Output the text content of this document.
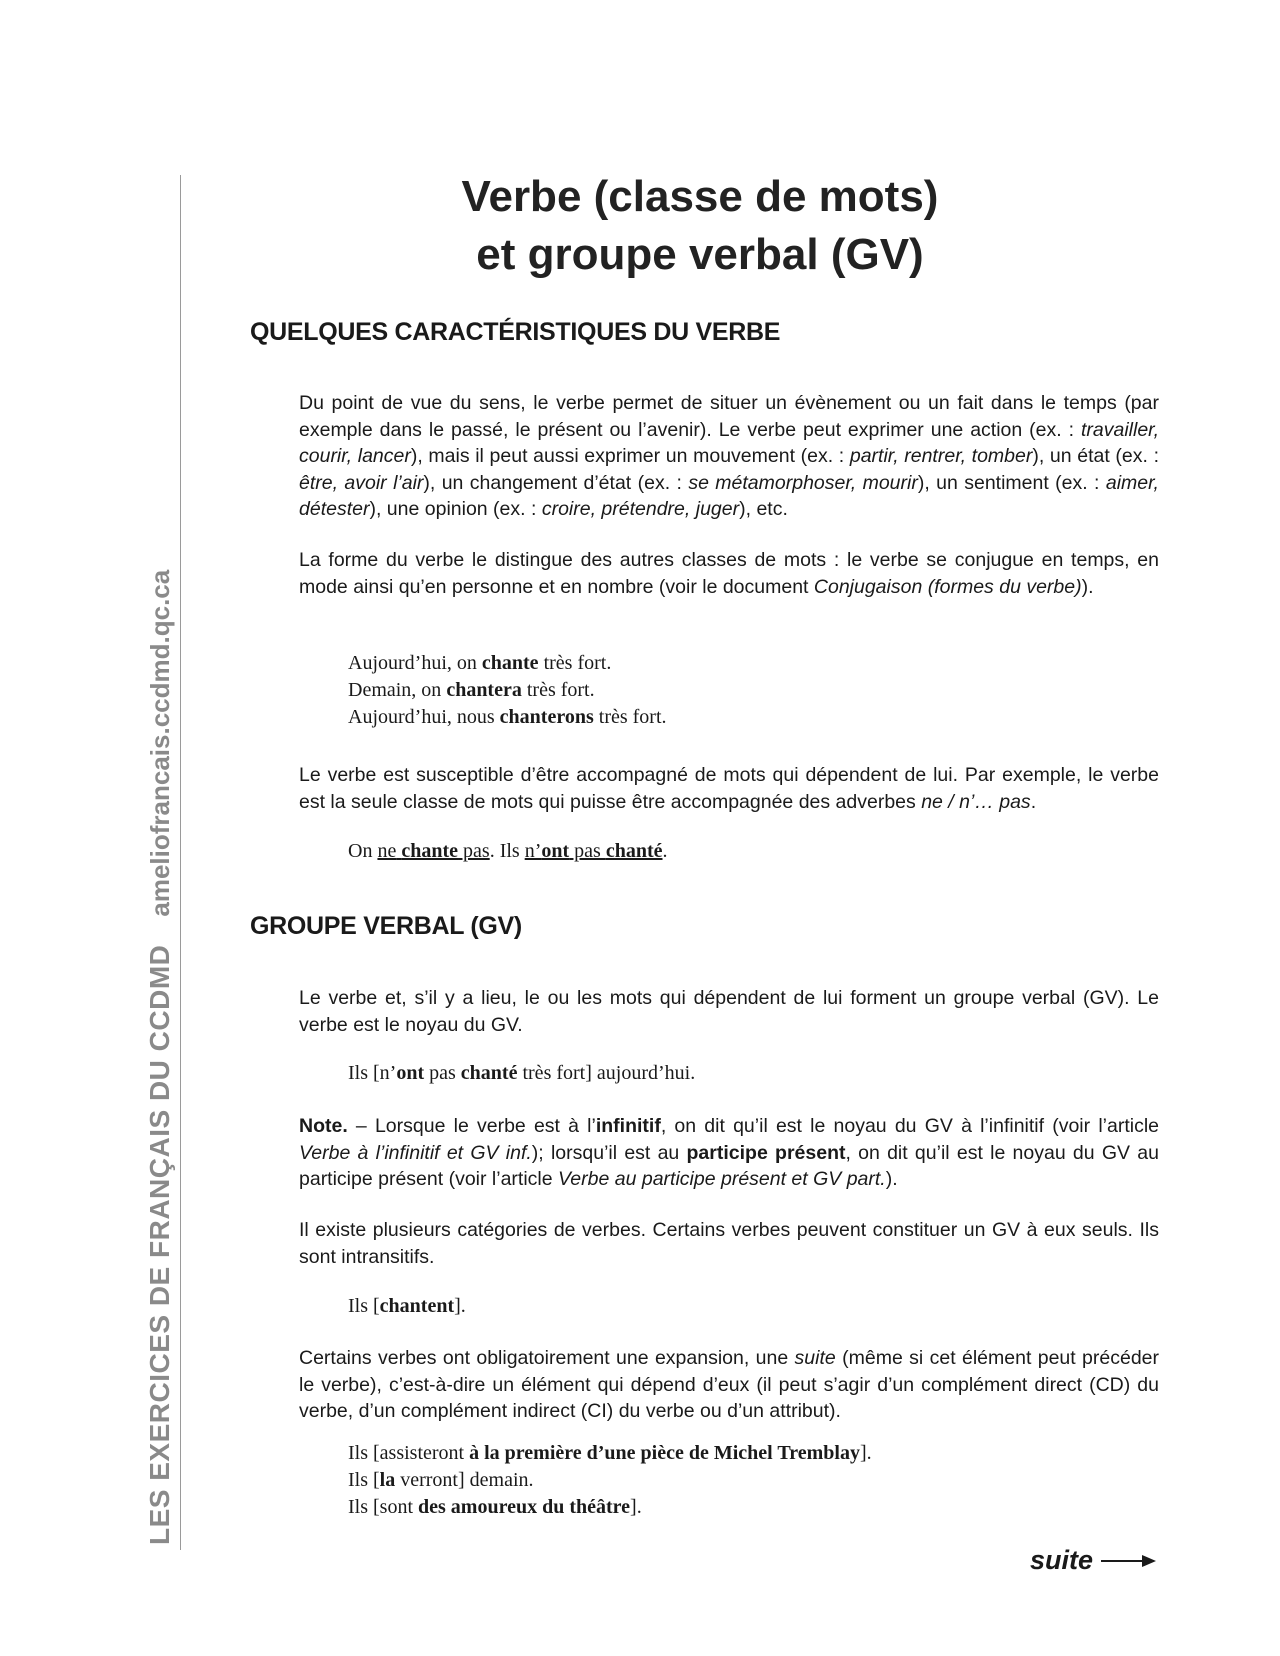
LES EXERCICES DE FRANÇAIS DU CCDMD
ameliofrancais.ccdmd.qc.ca
Verbe (classe de mots)
et groupe verbal (GV)
QUELQUES CARACTÉRISTIQUES DU VERBE

Du point de vue du sens, le verbe permet de situer un évènement ou un fait dans le temps (par exemple dans le passé, le présent ou l’avenir). Le verbe peut exprimer une action (ex. : travailler, courir, lancer), mais il peut aussi exprimer un mouvement (ex. : partir, rentrer, tomber), un état (ex. : être, avoir l’air), un changement d’état (ex. : se métamorphoser, mourir), un sentiment (ex. : aimer, détester), une opinion (ex. : croire, prétendre, juger), etc.

La forme du verbe le distingue des autres classes de mots : le verbe se conjugue en temps, en mode ainsi qu’en personne et en nombre (voir le document Conjugaison (formes du verbe)).

Aujourd’hui, on chante très fort.
Demain, on chantera très fort.
Aujourd’hui, nous chanterons très fort.

Le verbe est susceptible d’être accompagné de mots qui dépendent de lui. Par exemple, le verbe est la seule classe de mots qui puisse être accompagnée des adverbes ne / n’… pas.

On ne chante pas. Ils n’ont pas chanté.
GROUPE VERBAL (GV)

Le verbe et, s’il y a lieu, le ou les mots qui dépendent de lui forment un groupe verbal (GV). Le verbe est le noyau du GV.

Ils [n’ont pas chanté très fort] aujourd’hui.

Note. – Lorsque le verbe est à l’infinitif, on dit qu’il est le noyau du GV à l’infinitif (voir l’article Verbe à l’infinitif et GV inf.); lorsqu’il est au participe présent, on dit qu’il est le noyau du GV au participe présent (voir l’article Verbe au participe présent et GV part.).

Il existe plusieurs catégories de verbes. Certains verbes peuvent constituer un GV à eux seuls. Ils sont intransitifs.

Ils [chantent].

Certains verbes ont obligatoirement une expansion, une suite (même si cet élément peut précéder le verbe), c’est-à-dire un élément qui dépend d’eux (il peut s’agir d’un complément direct (CD) du verbe, d’un complément indirect (CI) du verbe ou d’un attribut).

Ils [assisteront à la première d’une pièce de Michel Tremblay].
Ils [la verront] demain.
Ils [sont des amoureux du théâtre].
suite
